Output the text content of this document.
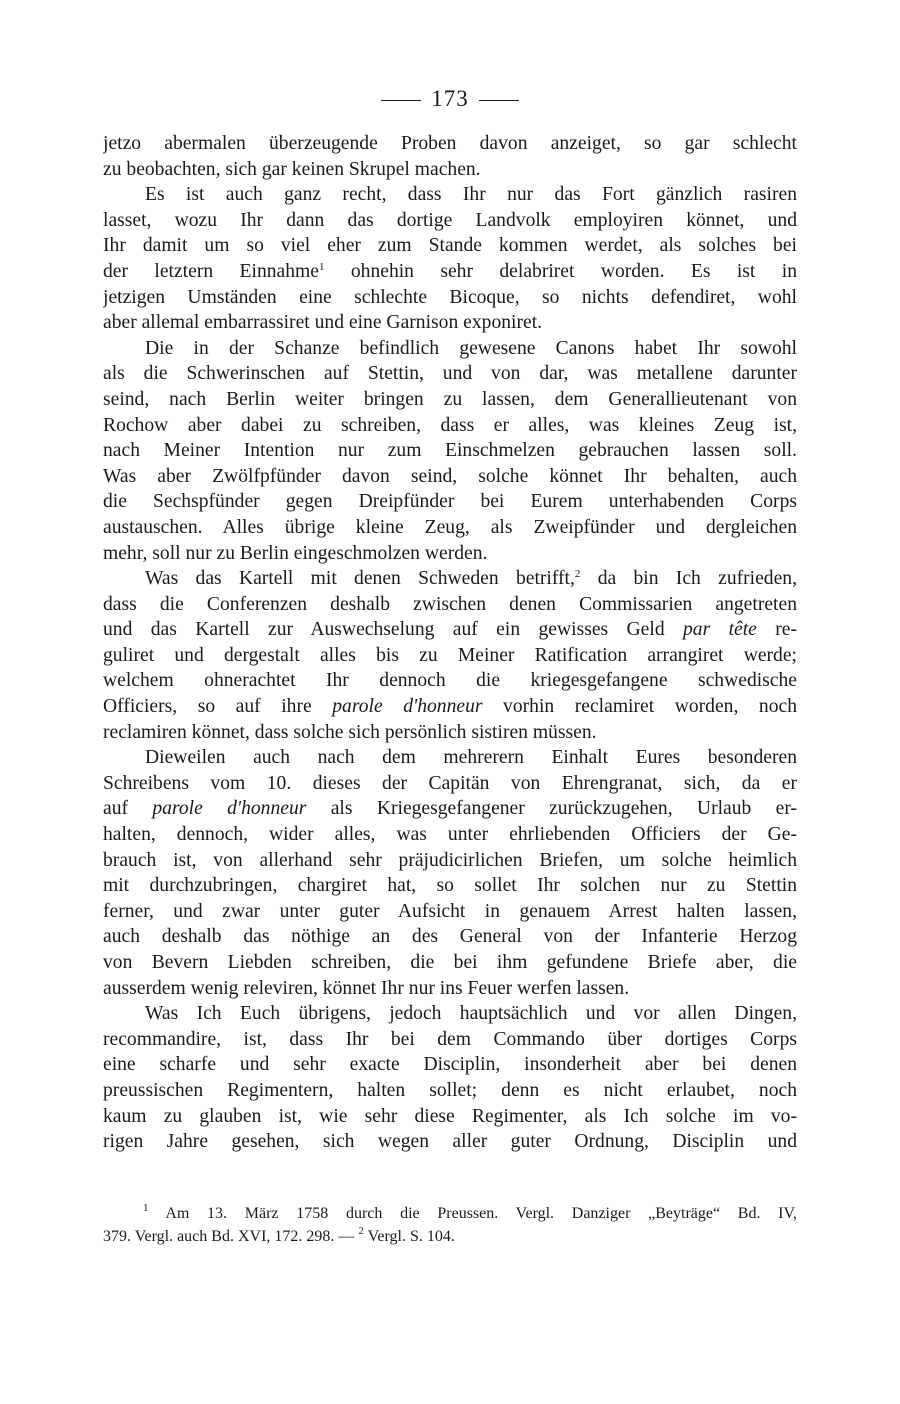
173
jetzo abermalen überzeugende Proben davon anzeiget, so gar schlecht
zu beobachten, sich gar keinen Skrupel machen.
Es ist auch ganz recht, dass Ihr nur das Fort gänzlich rasiren
lasset, wozu Ihr dann das dortige Landvolk employiren könnet, und
Ihr damit um so viel eher zum Stande kommen werdet, als solches bei
der letztern Einnahme$^1$ ohnehin sehr delabriret worden. Es ist in
jetzigen Umständen eine schlechte Bicoque, so nichts defendiret, wohl
aber allemal embarrassiret und eine Garnison exponiret.
Die in der Schanze befindlich gewesene Canons habet Ihr sowohl
als die Schwerinschen auf Stettin, und von dar, was metallene darunter
seind, nach Berlin weiter bringen zu lassen, dem Generallieutenant von
Rochow aber dabei zu schreiben, dass er alles, was kleines Zeug ist,
nach Meiner Intention nur zum Einschmelzen gebrauchen lassen soll.
Was aber Zwölfpfünder davon seind, solche könnet Ihr behalten, auch
die Sechspfünder gegen Dreipfünder bei Eurem unterhabenden Corps
austauschen. Alles übrige kleine Zeug, als Zweipfünder und dergleichen
mehr, soll nur zu Berlin eingeschmolzen werden.
Was das Kartell mit denen Schweden betrifft,$^2$ da bin Ich zufrieden,
dass die Conferenzen deshalb zwischen denen Commissarien angetreten
und das Kartell zur Auswechselung auf ein gewisses Geld par tête re-
guliret und dergestalt alles bis zu Meiner Ratification arrangiret werde;
welchem ohnerachtet Ihr dennoch die kriegesgefangene schwedische
Officiers, so auf ihre parole d'honneur vorhin reclamiret worden, noch
reclamiren könnet, dass solche sich persönlich sistiren müssen.
Dieweilen auch nach dem mehrerern Einhalt Eures besonderen
Schreibens vom 10. dieses der Capitän von Ehrengranat, sich, da er
auf parole d'honneur als Kriegesgefangener zurückzugehen, Urlaub er-
halten, dennoch, wider alles, was unter ehrliebenden Officiers der Ge-
brauch ist, von allerhand sehr präjudicirlichen Briefen, um solche heimlich
mit durchzubringen, chargiret hat, so sollet Ihr solchen nur zu Stettin
ferner, und zwar unter guter Aufsicht in genauem Arrest halten lassen,
auch deshalb das nöthige an des General von der Infanterie Herzog
von Bevern Liebden schreiben, die bei ihm gefundene Briefe aber, die
ausserdem wenig releviren, könnet Ihr nur ins Feuer werfen lassen.
Was Ich Euch übrigens, jedoch hauptsächlich und vor allen Dingen,
recommandire, ist, dass Ihr bei dem Commando über dortiges Corps
eine scharfe und sehr exacte Disciplin, insonderheit aber bei denen
preussischen Regimentern, halten sollet; denn es nicht erlaubet, noch
kaum zu glauben ist, wie sehr diese Regimenter, als Ich solche im vo-
rigen Jahre gesehen, sich wegen aller guter Ordnung, Disciplin und
$^1$ Am 13. März 1758 durch die Preussen. Vergl. Danziger „Beyträge“ Bd. IV,
379. Vergl. auch Bd. XVI, 172. 298. — $^2$ Vergl. S. 104.
